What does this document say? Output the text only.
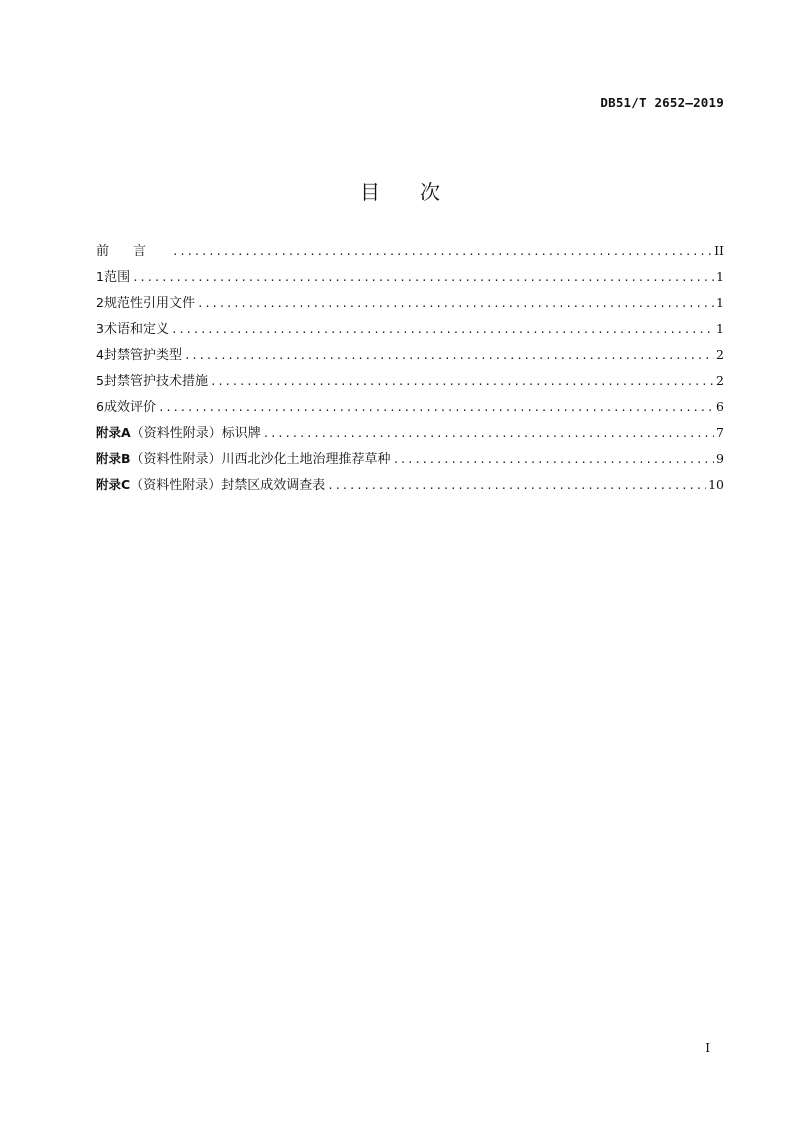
DB51/T 2652—2019
目 次
前言 .....	II
1 范围 .....	1
2 规范性引用文件 .....	1
3 术语和定义 .....	1
4 封禁管护类型 .....	2
5 封禁管护技术措施 .....	2
6 成效评价 .....	6
附录A （资料性附录） 标识牌 .....	7
附录B （资料性附录） 川西北沙化土地治理推荐草种 .....	9
附录C （资料性附录） 封禁区成效调查表 .....	10
I
